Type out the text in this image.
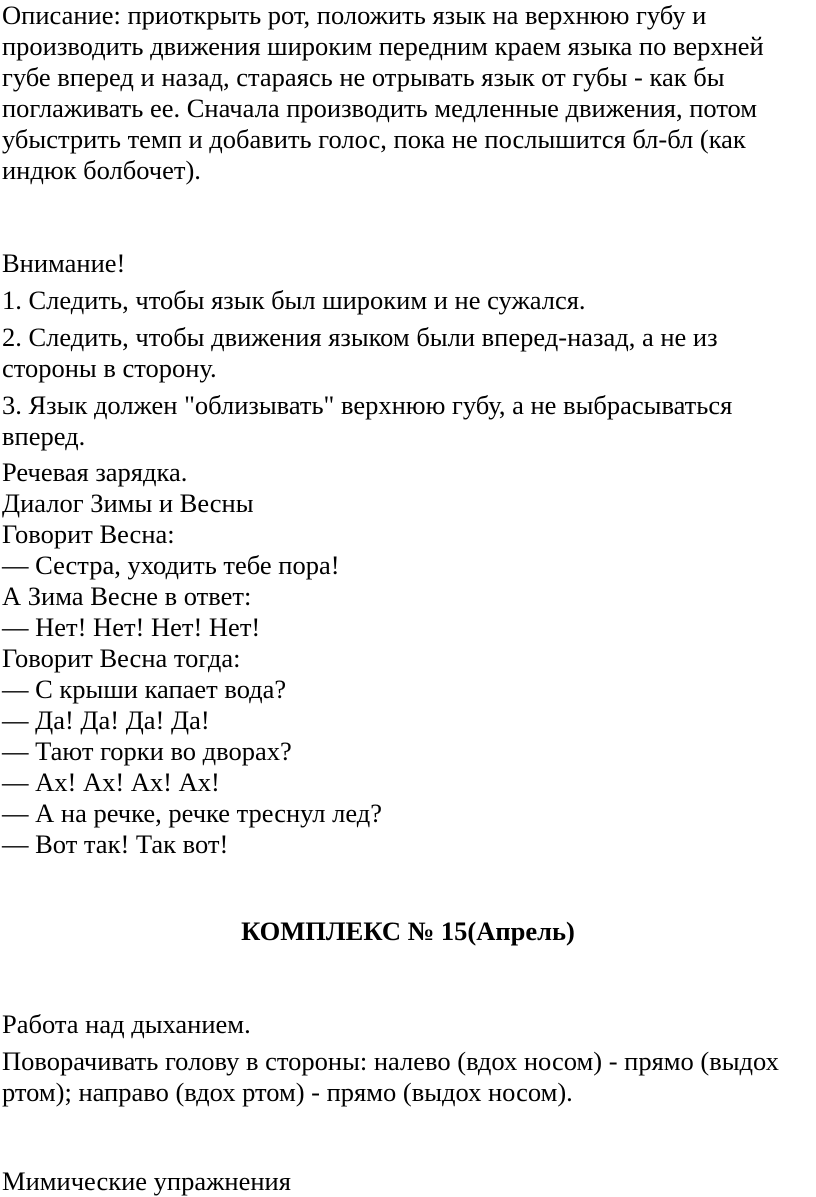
Описание: приоткрыть рот, положить язык на верхнюю губу и производить движения широким передним краем языка по верхней губе вперед и назад, стараясь не отрывать язык от губы - как бы поглаживать ее. Сначала производить медленные движения, потом убыстрить темп и добавить голос, пока не послышится бл-бл (как индюк болбочет).

Внимание!

1. Следить, чтобы язык был широким и не сужался.

2. Следить, чтобы движения языком были вперед-назад, а не из стороны в сторону.

3. Язык должен "облизывать" верхнюю губу, а не выбрасываться вперед.

Речевая зарядка.

Диалог Зимы и Весны

Говорит Весна:

— Сестра, уходить тебе пора!

А Зима Весне в ответ:

— Нет! Нет! Нет! Нет!

Говорит Весна тогда:

— С крыши капает вода?

— Да! Да! Да! Да!

— Тают горки во дворах?

— Ах! Ах! Ах! Ах!

— А на речке, речке треснул лед?

— Вот так! Так вот!

КОМПЛЕКС № 15(Апрель)

Работа над дыханием.

Поворачивать голову в стороны: налево (вдох носом) - прямо (выдох ртом); направо (вдох ртом) - прямо (выдох носом).

Мимические упражнения
